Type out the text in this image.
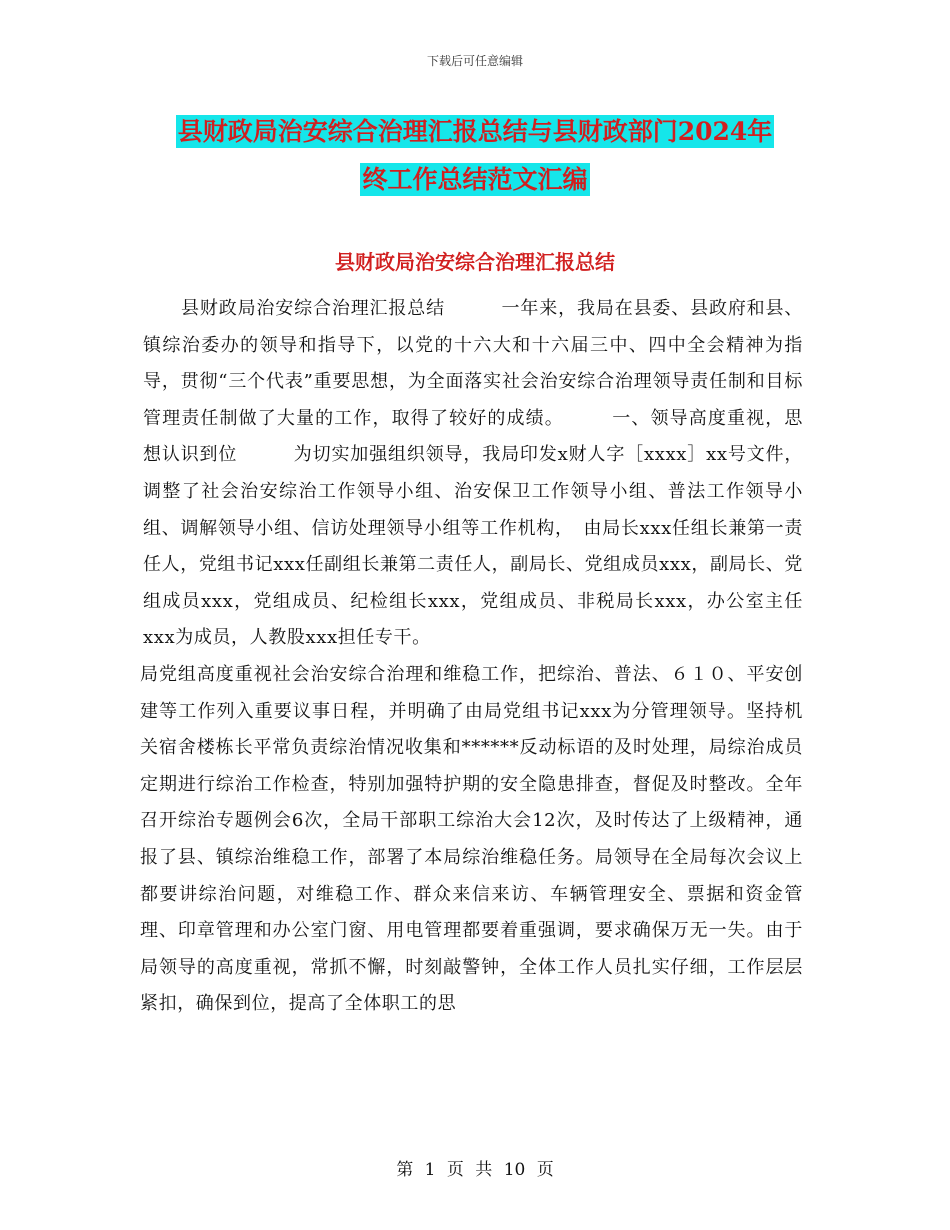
下载后可任意编辑
县财政局治安综合治理汇报总结与县财政部门2024年
终工作总结范文汇编
县财政局治安综合治理汇报总结

县财政局治安综合治理汇报总结　　　一年来，我局在县委、县政府和县、镇综治委办的领导和指导下，以党的十六大和十六届三中、四中全会精神为指导，贯彻“三个代表”重要思想，为全面落实社会治安综合治理领导责任制和目标管理责任制做了大量的工作，取得了较好的成绩。　　　一、领导高度重视，思想认识到位　　　为切实加强组织领导，我局印发x财人字［xxxx］xx号文件，调整了社会治安综治工作领导小组、治安保卫工作领导小组、普法工作领导小组、调解领导小组、信访处理领导小组等工作机构，　由局长xxx任组长兼第一责任人，党组书记xxx任副组长兼第二责任人，副局长、党组成员xxx，副局长、党组成员xxx，党组成员、纪检组长xxx，党组成员、非税局长xxx，办公室主任xxx为成员，人教股xxx担任专干。

局党组高度重视社会治安综合治理和维稳工作，把综治、普法、６１０、平安创建等工作列入重要议事日程，并明确了由局党组书记xxx为分管理领导。坚持机关宿舍楼栋长平常负责综治情况收集和******反动标语的及时处理，局综治成员定期进行综治工作检查，特别加强特护期的安全隐患排查，督促及时整改。全年召开综治专题例会6次，全局干部职工综治大会12次，及时传达了上级精神，通报了县、镇综治维稳工作，部署了本局综治维稳任务。局领导在全局每次会议上都要讲综治问题，对维稳工作、群众来信来访、车辆管理安全、票据和资金管理、印章管理和办公室门窗、用电管理都要着重强调，要求确保万无一失。由于局领导的高度重视，常抓不懈，时刻敲警钟，全体工作人员扎实仔细，工作层层紧扣，确保到位，提高了全体职工的思

第 1 页 共 10 页
